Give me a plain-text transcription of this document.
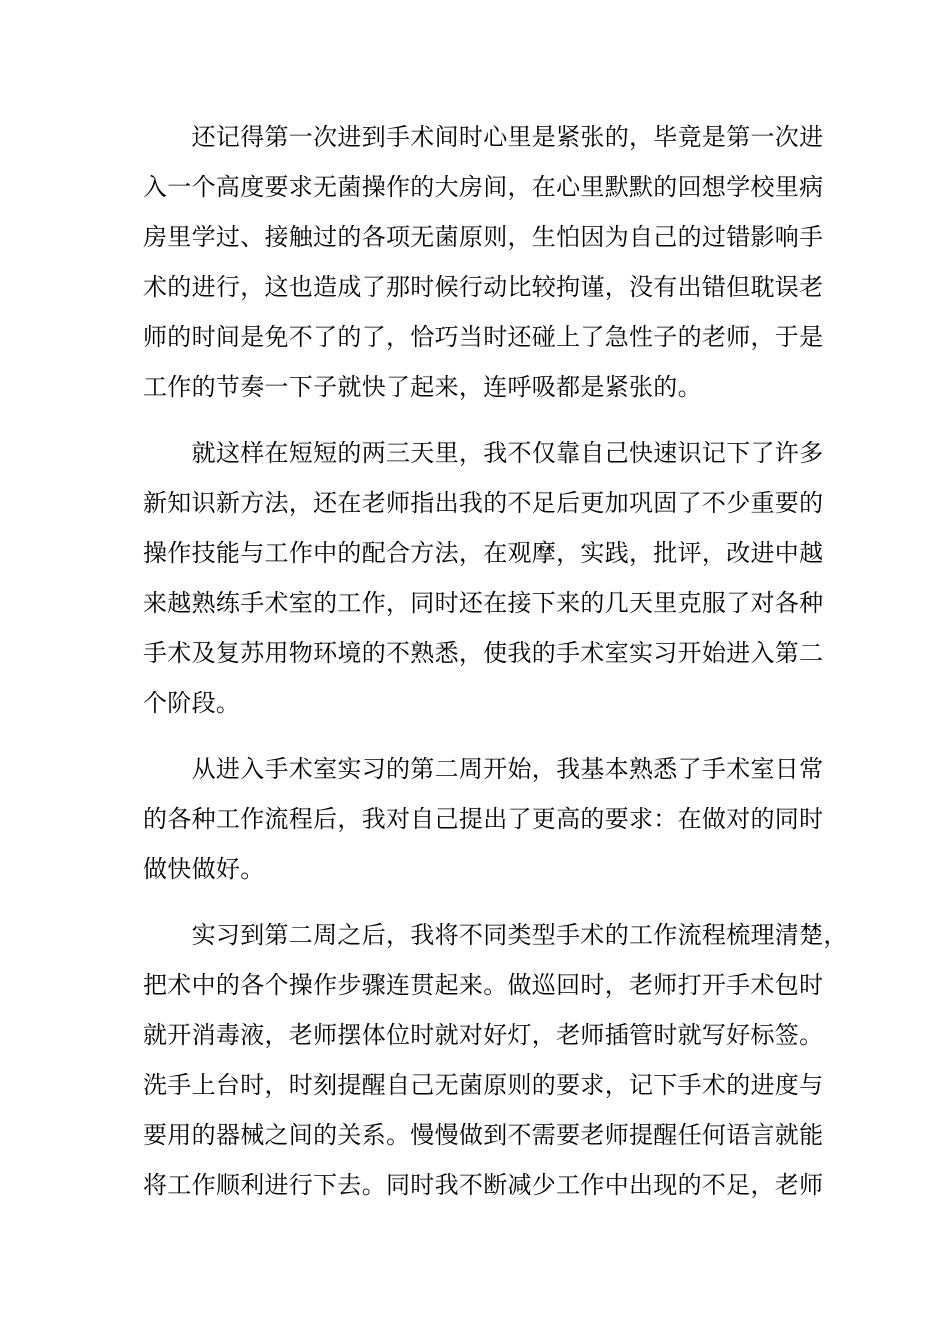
　　还记得第一次进到手术间时心里是紧张的，毕竟是第一次进
入一个高度要求无菌操作的大房间，在心里默默的回想学校里病
房里学过、接触过的各项无菌原则，生怕因为自己的过错影响手
术的进行，这也造成了那时候行动比较拘谨，没有出错但耽误老
师的时间是免不了的了，恰巧当时还碰上了急性子的老师，于是
工作的节奏一下子就快了起来，连呼吸都是紧张的。

　　就这样在短短的两三天里，我不仅靠自己快速识记下了许多
新知识新方法，还在老师指出我的不足后更加巩固了不少重要的
操作技能与工作中的配合方法，在观摩，实践，批评，改进中越
来越熟练手术室的工作，同时还在接下来的几天里克服了对各种
手术及复苏用物环境的不熟悉，使我的手术室实习开始进入第二
个阶段。

　　从进入手术室实习的第二周开始，我基本熟悉了手术室日常
的各种工作流程后，我对自己提出了更高的要求：在做对的同时
做快做好。

　　实习到第二周之后，我将不同类型手术的工作流程梳理清楚，
把术中的各个操作步骤连贯起来。做巡回时，老师打开手术包时
就开消毒液，老师摆体位时就对好灯，老师插管时就写好标签。
洗手上台时，时刻提醒自己无菌原则的要求，记下手术的进度与
要用的器械之间的关系。慢慢做到不需要老师提醒任何语言就能
将工作顺利进行下去。同时我不断减少工作中出现的不足，老师
